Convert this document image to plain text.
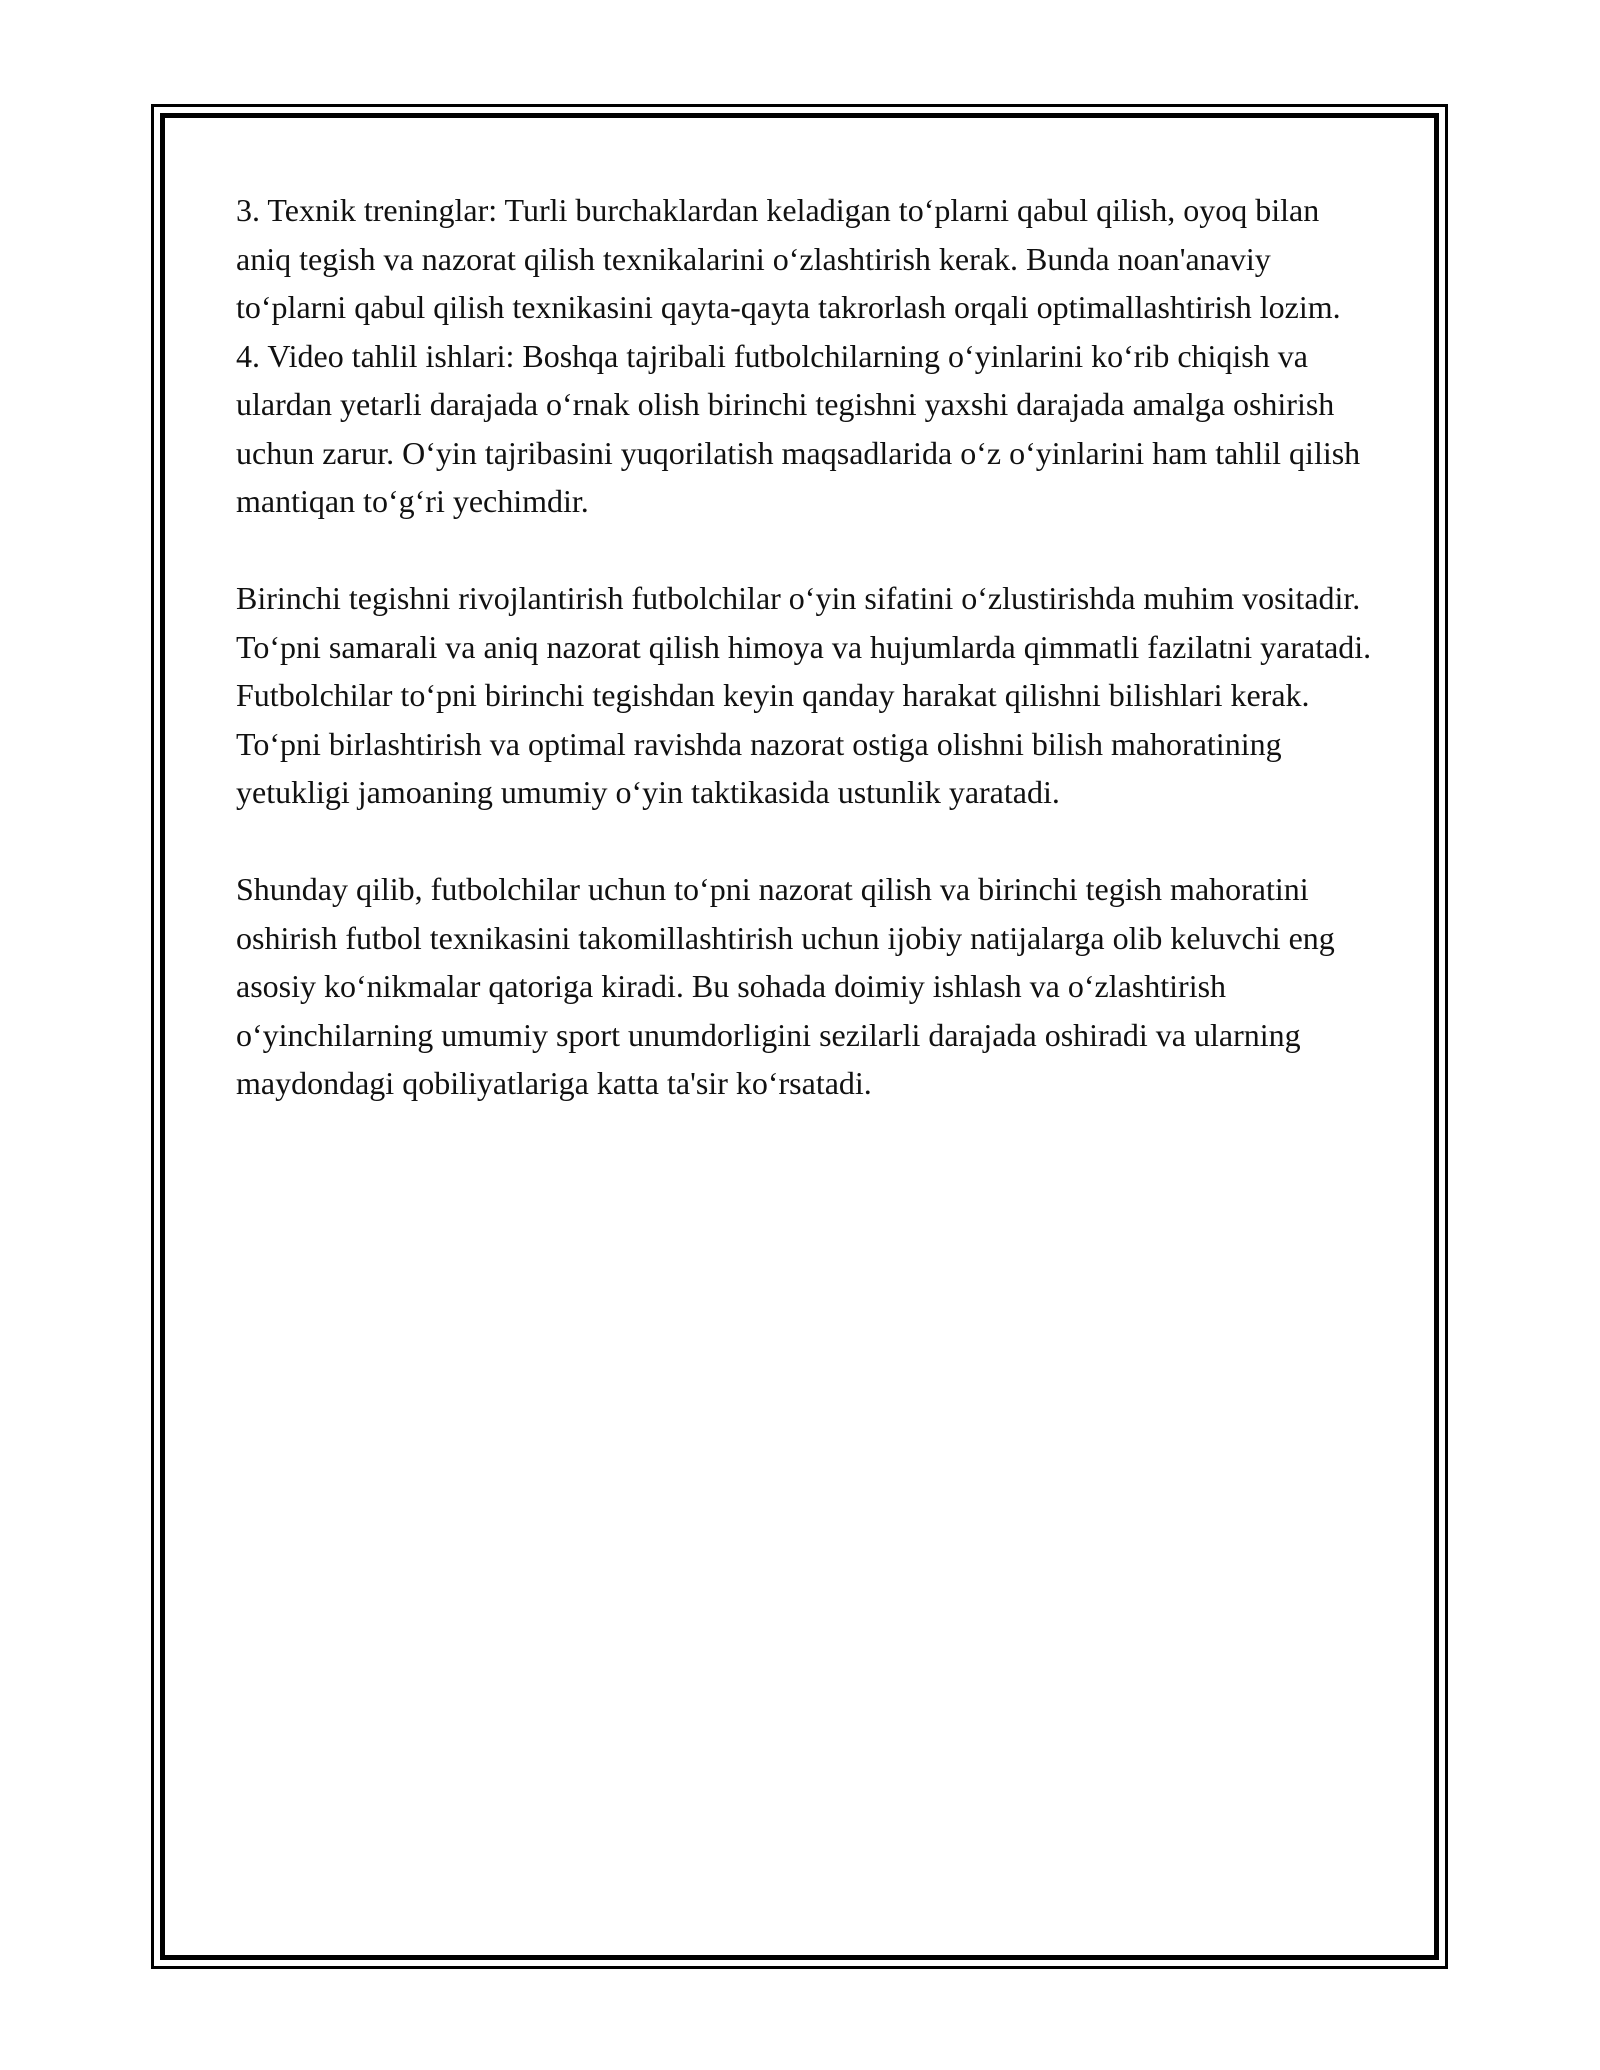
3. Texnik treninglar: Turli burchaklardan keladigan to‘plarni qabul qilish, oyoq bilan aniq tegish va nazorat qilish texnikalarini o‘zlashtirish kerak. Bunda noan'anaviy to‘plarni qabul qilish texnikasini qayta-qayta takrorlash orqali optimallashtirish lozim.

4. Video tahlil ishlari: Boshqa tajribali futbolchilarning o‘yinlarini ko‘rib chiqish va ulardan yetarli darajada o‘rnak olish birinchi tegishni yaxshi darajada amalga oshirish uchun zarur. O‘yin tajribasini yuqorilatish maqsadlarida o‘z o‘yinlarini ham tahlil qilish mantiqan to‘g‘ri yechimdir.

Birinchi tegishni rivojlantirish futbolchilar o‘yin sifatini o‘zlustirishda muhim vositadir. To‘pni samarali va aniq nazorat qilish himoya va hujumlarda qimmatli fazilatni yaratadi. Futbolchilar to‘pni birinchi tegishdan keyin qanday harakat qilishni bilishlari kerak. To‘pni birlashtirish va optimal ravishda nazorat ostiga olishni bilish mahoratining yetukligi jamoaning umumiy o‘yin taktikasida ustunlik yaratadi.

Shunday qilib, futbolchilar uchun to‘pni nazorat qilish va birinchi tegish mahoratini oshirish futbol texnikasini takomillashtirish uchun ijobiy natijalarga olib keluvchi eng asosiy ko‘nikmalar qatoriga kiradi. Bu sohada doimiy ishlash va o‘zlashtirish o‘yinchilarning umumiy sport unumdorligini sezilarli darajada oshiradi va ularning maydondagi qobiliyatlariga katta ta'sir ko‘rsatadi.
